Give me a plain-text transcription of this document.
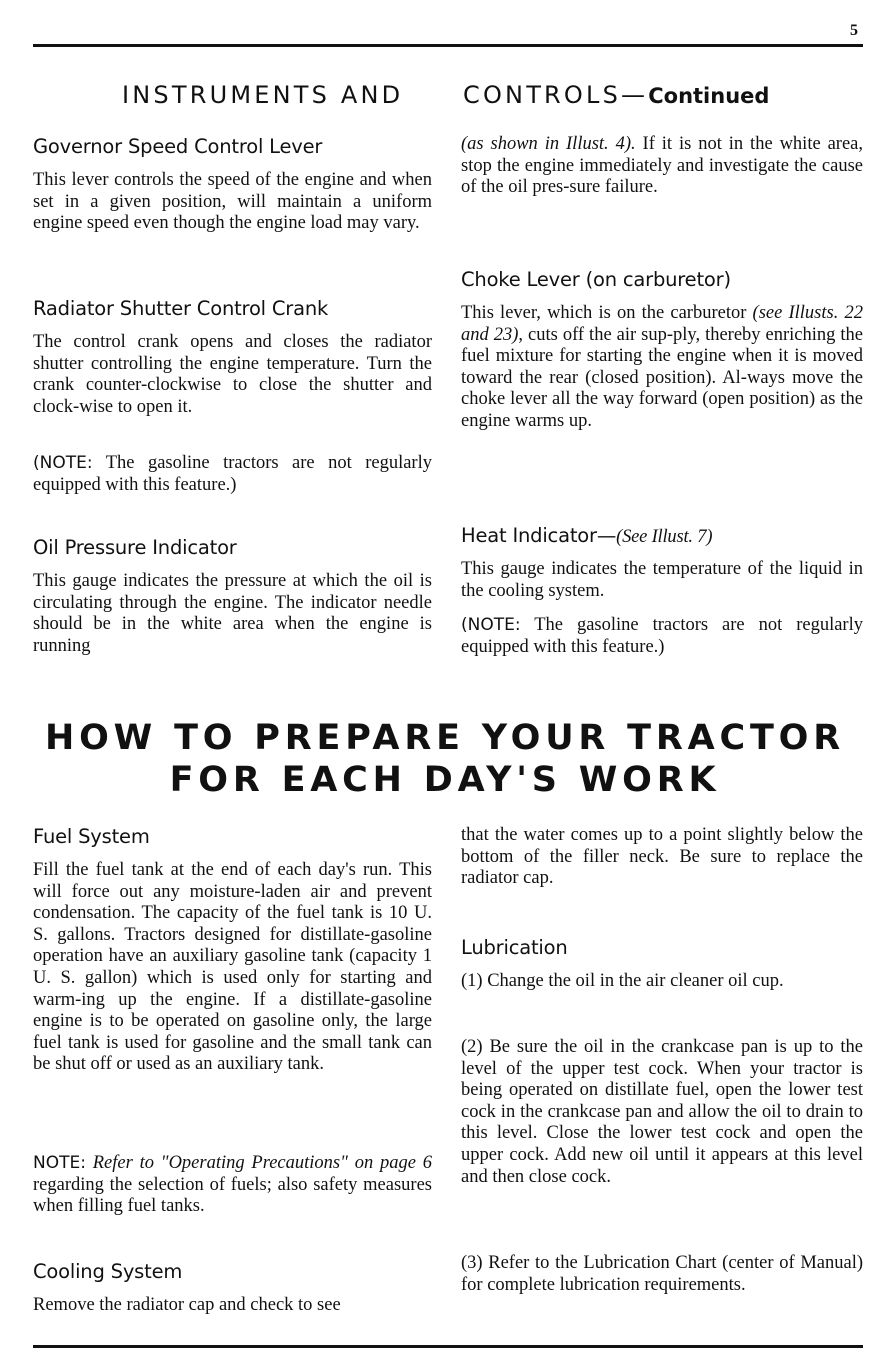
5
INSTRUMENTS AND CONTROLS—Continued
Governor Speed Control Lever

This lever controls the speed of the engine and when set in a given position, will maintain a uniform engine speed even though the engine load may vary.

Radiator Shutter Control Crank

The control crank opens and closes the radiator shutter controlling the engine temperature. Turn the crank counter-clockwise to close the shutter and clock-wise to open it.

(NOTE: The gasoline tractors are not regularly equipped with this feature.)

Oil Pressure Indicator

This gauge indicates the pressure at which the oil is circulating through the engine. The indicator needle should be in the white area when the engine is running

(as shown in Illust. 4). If it is not in the white area, stop the engine immediately and investigate the cause of the oil pres-sure failure.

Choke Lever (on carburetor)

This lever, which is on the carburetor (see Illusts. 22 and 23), cuts off the air sup-ply, thereby enriching the fuel mixture for starting the engine when it is moved toward the rear (closed position). Al-ways move the choke lever all the way forward (open position) as the engine warms up.

Heat Indicator—(See Illust. 7)

This gauge indicates the temperature of the liquid in the cooling system.

(NOTE: The gasoline tractors are not regularly equipped with this feature.)

HOW TO PREPARE YOUR TRACTOR
FOR EACH DAY'S WORK
Fuel System

Fill the fuel tank at the end of each day's run. This will force out any moisture-laden air and prevent condensation. The capacity of the fuel tank is 10 U. S. gallons. Tractors designed for distillate-gasoline operation have an auxiliary gasoline tank (capacity 1 U. S. gallon) which is used only for starting and warm-ing up the engine. If a distillate-gasoline engine is to be operated on gasoline only, the large fuel tank is used for gasoline and the small tank can be shut off or used as an auxiliary tank.

NOTE: Refer to "Operating Precautions" on page 6 regarding the selection of fuels; also safety measures when filling fuel tanks.

Cooling System

Remove the radiator cap and check to see

that the water comes up to a point slightly below the bottom of the filler neck. Be sure to replace the radiator cap.

Lubrication

(1) Change the oil in the air cleaner oil cup.

(2) Be sure the oil in the crankcase pan is up to the level of the upper test cock. When your tractor is being operated on distillate fuel, open the lower test cock in the crankcase pan and allow the oil to drain to this level. Close the lower test cock and open the upper cock. Add new oil until it appears at this level and then close cock.

(3) Refer to the Lubrication Chart (center of Manual) for complete lubrication requirements.
